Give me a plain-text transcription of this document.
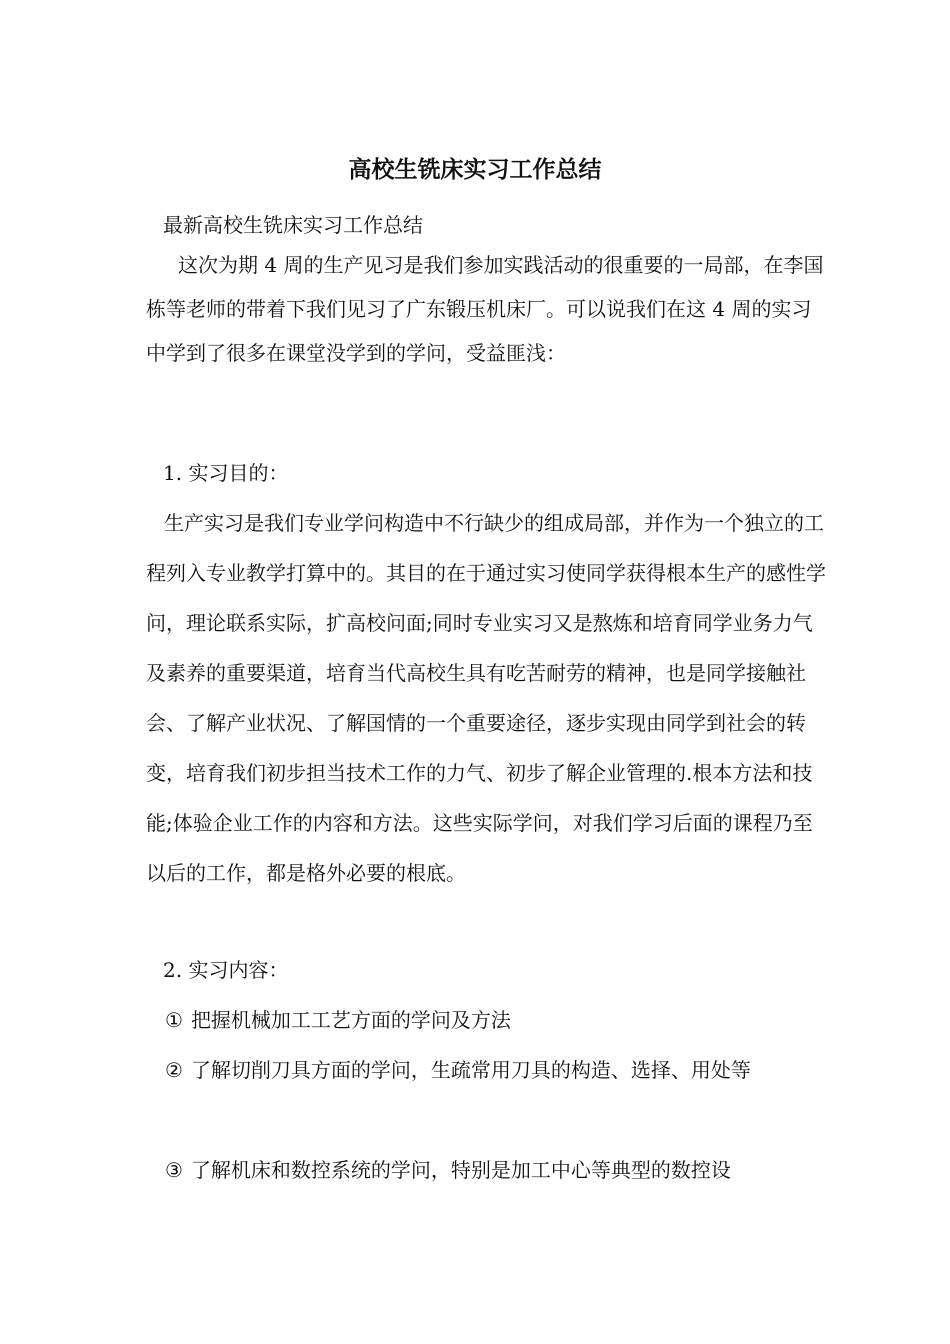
高校生铣床实习工作总结
最新高校生铣床实习工作总结

这次为期 4 周的生产见习是我们参加实践活动的很重要的一局部，在李国栋等老师的带着下我们见习了广东锻压机床厂。可以说我们在这 4 周的实习中学到了很多在课堂没学到的学问，受益匪浅：

1. 实习目的：

生产实习是我们专业学问构造中不行缺少的组成局部，并作为一个独立的工程列入专业教学打算中的。其目的在于通过实习使同学获得根本生产的感性学问，理论联系实际，扩高校问面;同时专业实习又是熬炼和培育同学业务力气及素养的重要渠道，培育当代高校生具有吃苦耐劳的精神，也是同学接触社会、了解产业状况、了解国情的一个重要途径，逐步实现由同学到社会的转变，培育我们初步担当技术工作的力气、初步了解企业管理的.根本方法和技能;体验企业工作的内容和方法。这些实际学问，对我们学习后面的课程乃至以后的工作，都是格外必要的根底。

2. 实习内容：

① 把握机械加工工艺方面的学问及方法

② 了解切削刀具方面的学问，生疏常用刀具的构造、选择、用处等

③ 了解机床和数控系统的学问，特别是加工中心等典型的数控设
